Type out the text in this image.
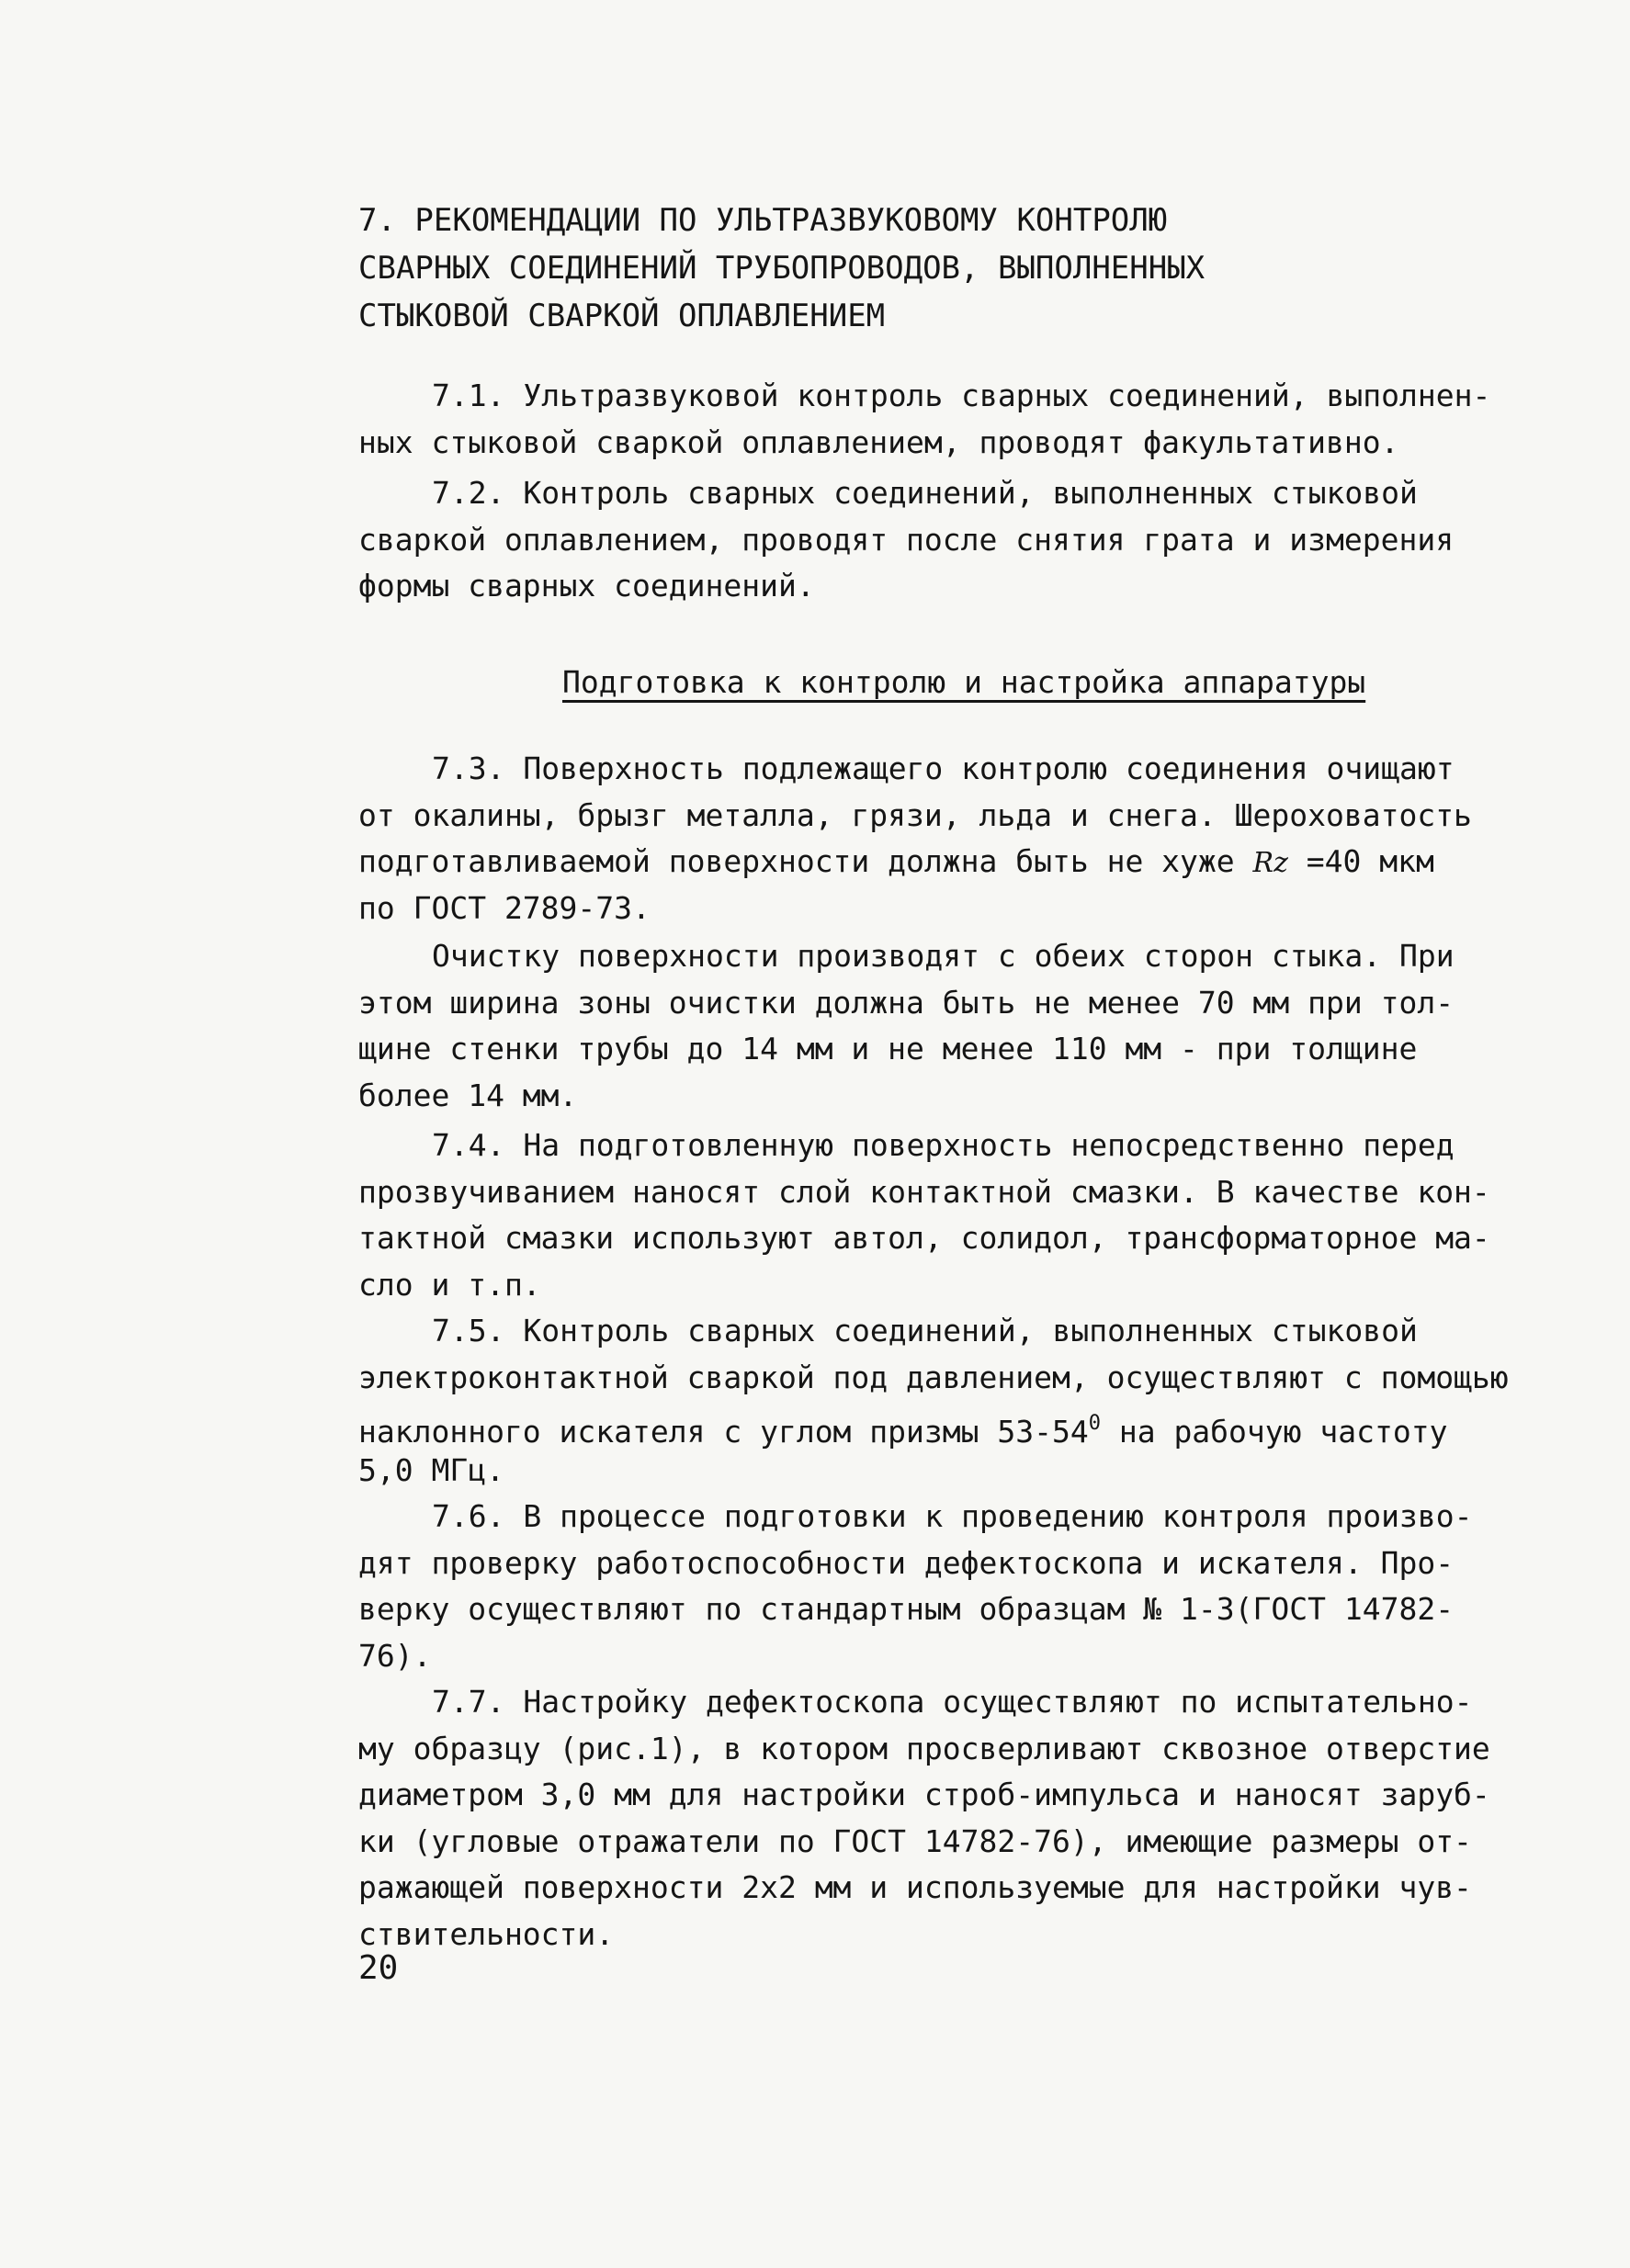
7. РЕКОМЕНДАЦИИ ПО УЛЬТРАЗВУКОВОМУ КОНТРОЛЮ
СВАРНЫХ СОЕДИНЕНИЙ ТРУБОПРОВОДОВ, ВЫПОЛНЕННЫХ
СТЫКОВОЙ СВАРКОЙ ОПЛАВЛЕНИЕМ
7.1. Ультразвуковой контроль сварных соединений, выполнен-
ных стыковой сваркой оплавлением, проводят факультативно.
7.2. Контроль сварных соединений, выполненных стыковой
сваркой оплавлением, проводят после снятия грата и измерения
формы сварных соединений.
Подготовка к контролю и настройка аппаратуры
7.3. Поверхность подлежащего контролю соединения очищают
от окалины, брызг металла, грязи, льда и снега. Шероховатость
подготавливаемой поверхности должна быть не хуже Rz =40 мкм
по ГОСТ 2789-73.
Очистку поверхности производят с обеих сторон стыка. При
этом ширина зоны очистки должна быть не менее 70 мм при тол-
щине стенки трубы до 14 мм и не менее 110 мм - при толщине
более 14 мм.
7.4. На подготовленную поверхность непосредственно перед
прозвучиванием наносят слой контактной смазки. В качестве кон-
тактной смазки используют автол, солидол, трансформаторное ма-
сло и т.п.
7.5. Контроль сварных соединений, выполненных стыковой
электроконтактной сваркой под давлением, осуществляют с помощью
наклонного искателя с углом призмы $53-54^0$ на рабочую частоту
5,0 МГц.
7.6. В процессе подготовки к проведению контроля произво-
дят проверку работоспособности дефектоскопа и искателя. Про-
верку осуществляют по стандартным образцам № 1-3(ГОСТ 14782-
76).
7.7. Настройку дефектоскопа осуществляют по испытательно-
му образцу (рис.1), в котором просверливают сквозное отверстие
диаметром 3,0 мм для настройки строб-импульса и наносят заруб-
ки (угловые отражатели по ГОСТ 14782-76), имеющие размеры от-
ражающей поверхности 2х2 мм и используемые для настройки чув-
ствительности.
20
